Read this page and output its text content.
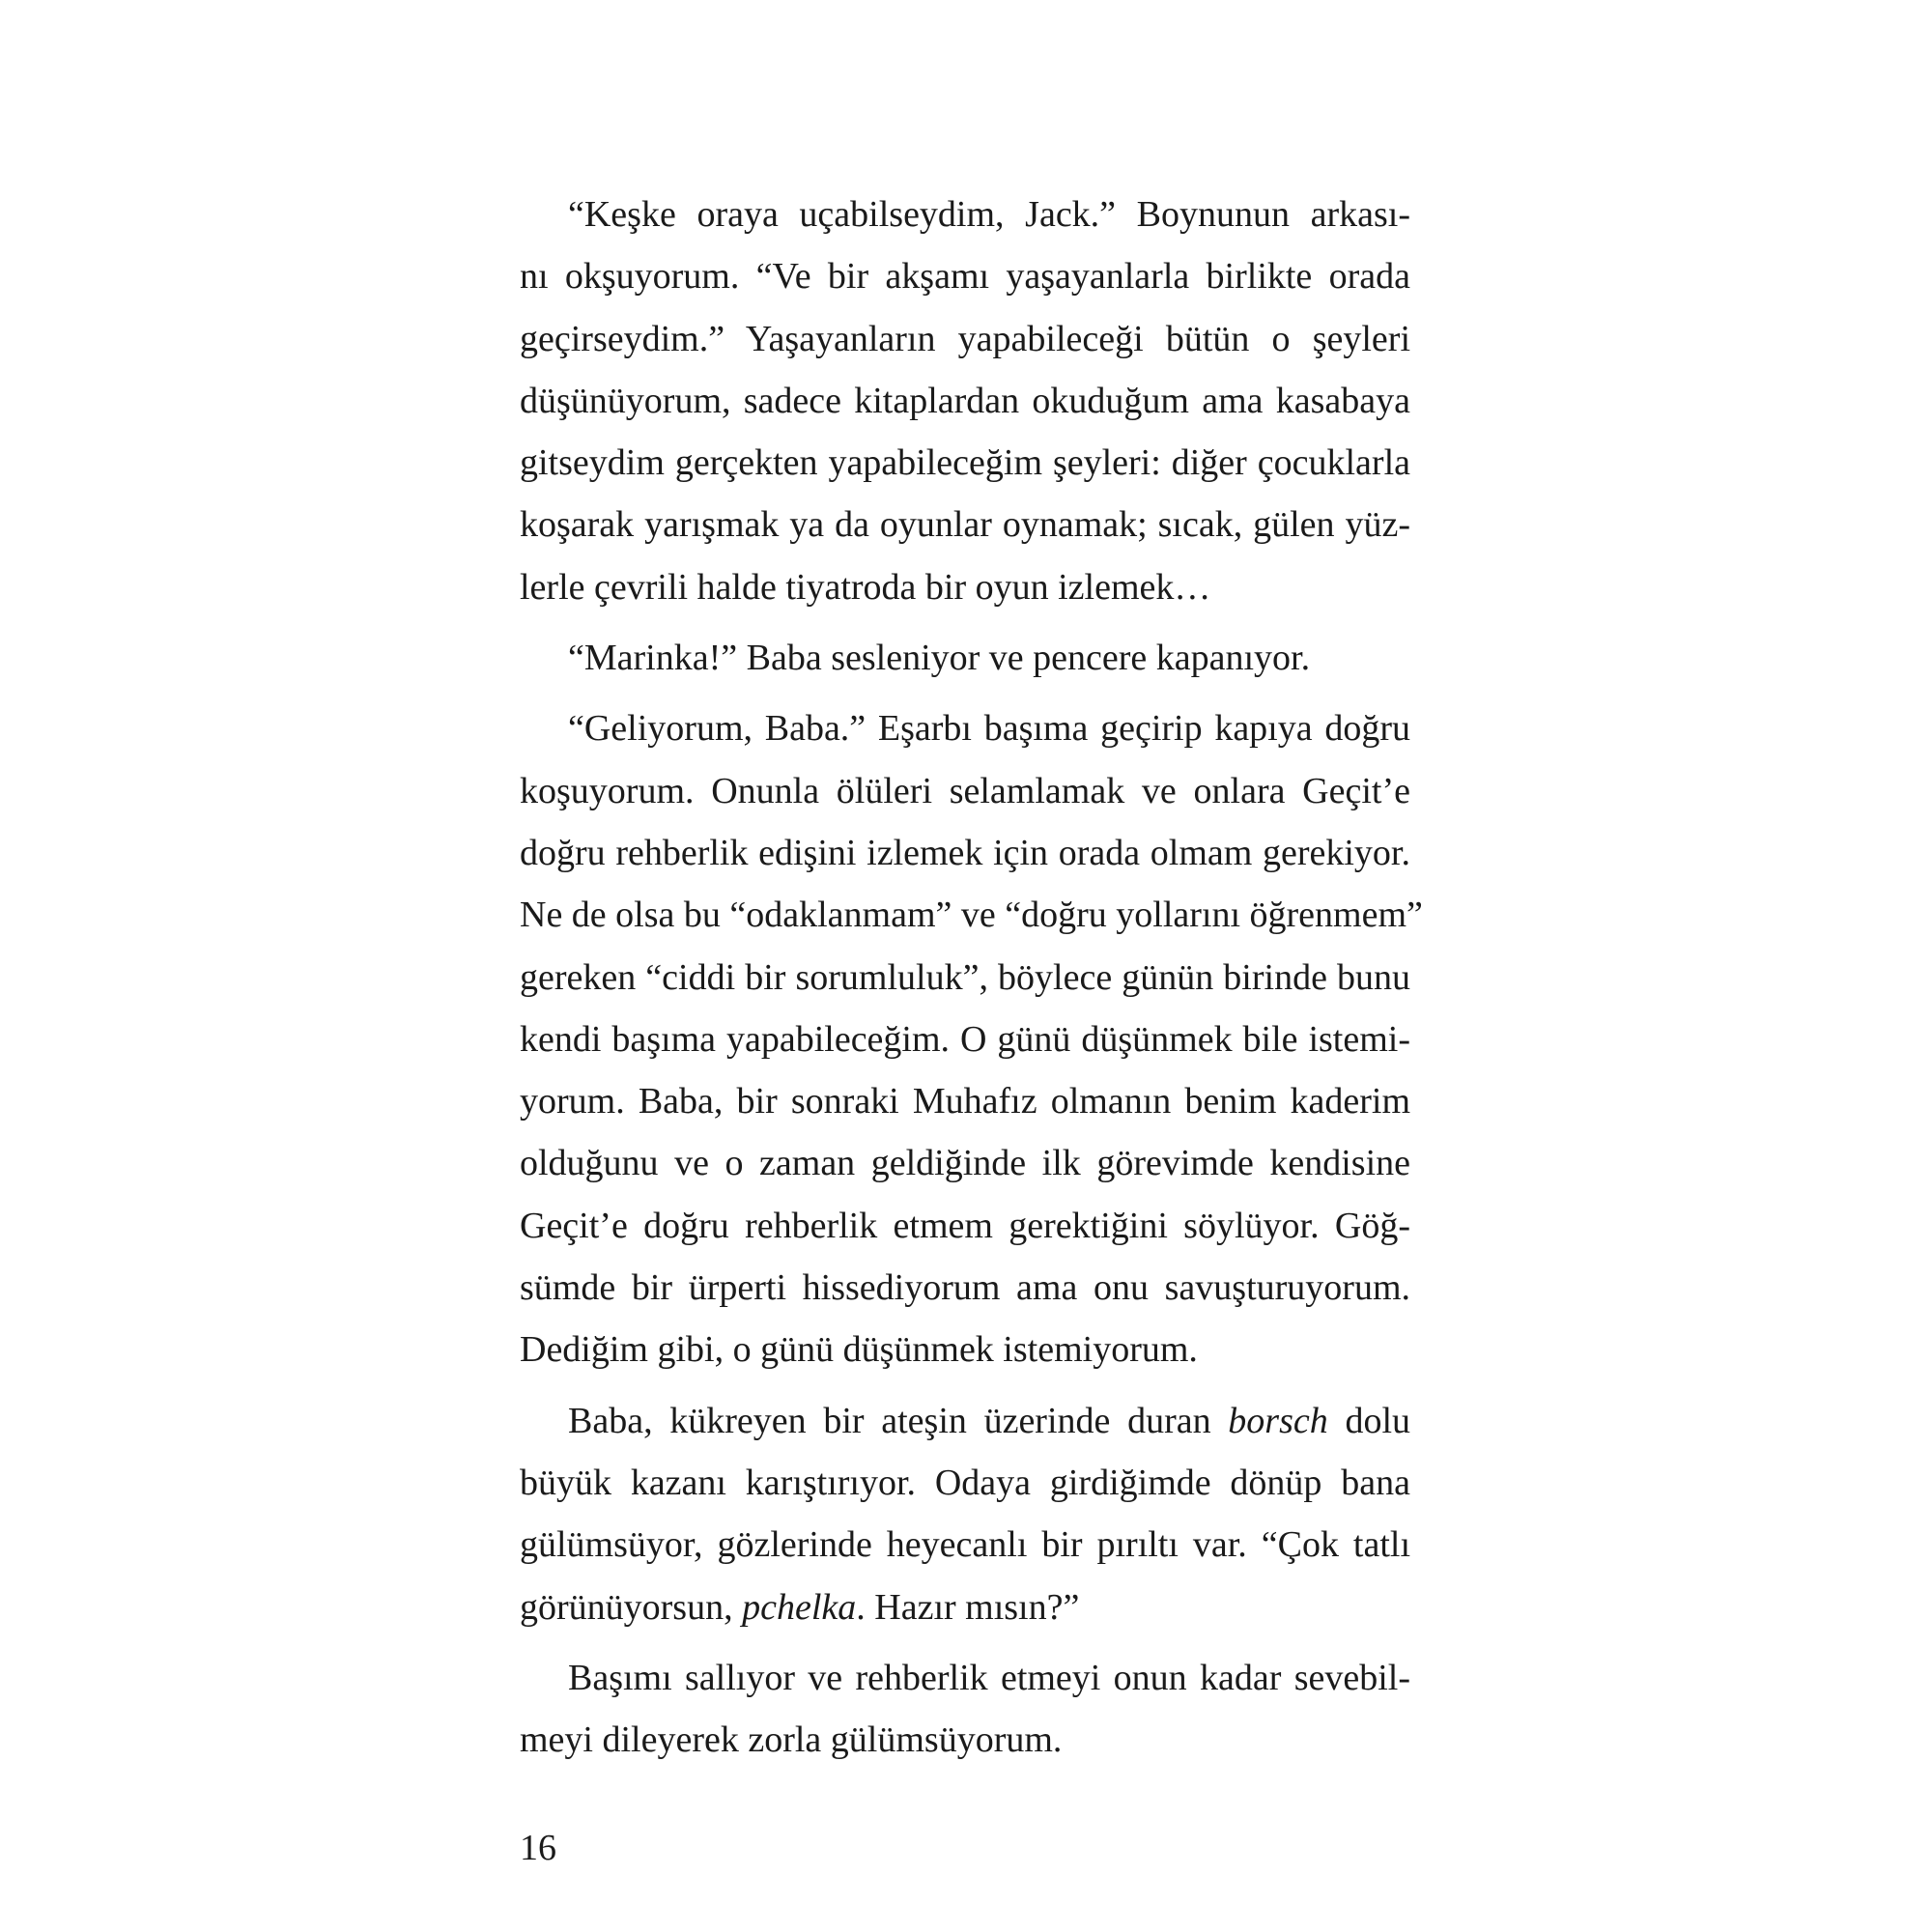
“Keşke oraya uçabilseydim, Jack.” Boynunun arkası-
nı okşuyorum. “Ve bir akşamı yaşayanlarla birlikte orada
geçirseydim.” Yaşayanların yapabileceği bütün o şeyleri
düşünüyorum, sadece kitaplardan okuduğum ama kasabaya
gitseydim gerçekten yapabileceğim şeyleri: diğer çocuklarla
koşarak yarışmak ya da oyunlar oynamak; sıcak, gülen yüz-
lerle çevrili halde tiyatroda bir oyun izlemek…

“Marinka!” Baba sesleniyor ve pencere kapanıyor.

“Geliyorum, Baba.” Eşarbı başıma geçirip kapıya doğru
koşuyorum. Onunla ölüleri selamlamak ve onlara Geçit’e
doğru rehberlik edişini izlemek için orada olmam gerekiyor.
Ne de olsa bu “odaklanmam” ve “doğru yollarını öğrenmem”
gereken “ciddi bir sorumluluk”, böylece günün birinde bunu
kendi başıma yapabileceğim. O günü düşünmek bile istemi-
yorum. Baba, bir sonraki Muhafız olmanın benim kaderim
olduğunu ve o zaman geldiğinde ilk görevimde kendisine
Geçit’e doğru rehberlik etmem gerektiğini söylüyor. Göğ-
sümde bir ürperti hissediyorum ama onu savuşturuyorum.
Dediğim gibi, o günü düşünmek istemiyorum.

Baba, kükreyen bir ateşin üzerinde duran borsch dolu
büyük kazanı karıştırıyor. Odaya girdiğimde dönüp bana
gülümsüyor, gözlerinde heyecanlı bir pırıltı var. “Çok tatlı
görünüyorsun, pchelka. Hazır mısın?”

Başımı sallıyor ve rehberlik etmeyi onun kadar sevebil-
meyi dileyerek zorla gülümsüyorum.

16
